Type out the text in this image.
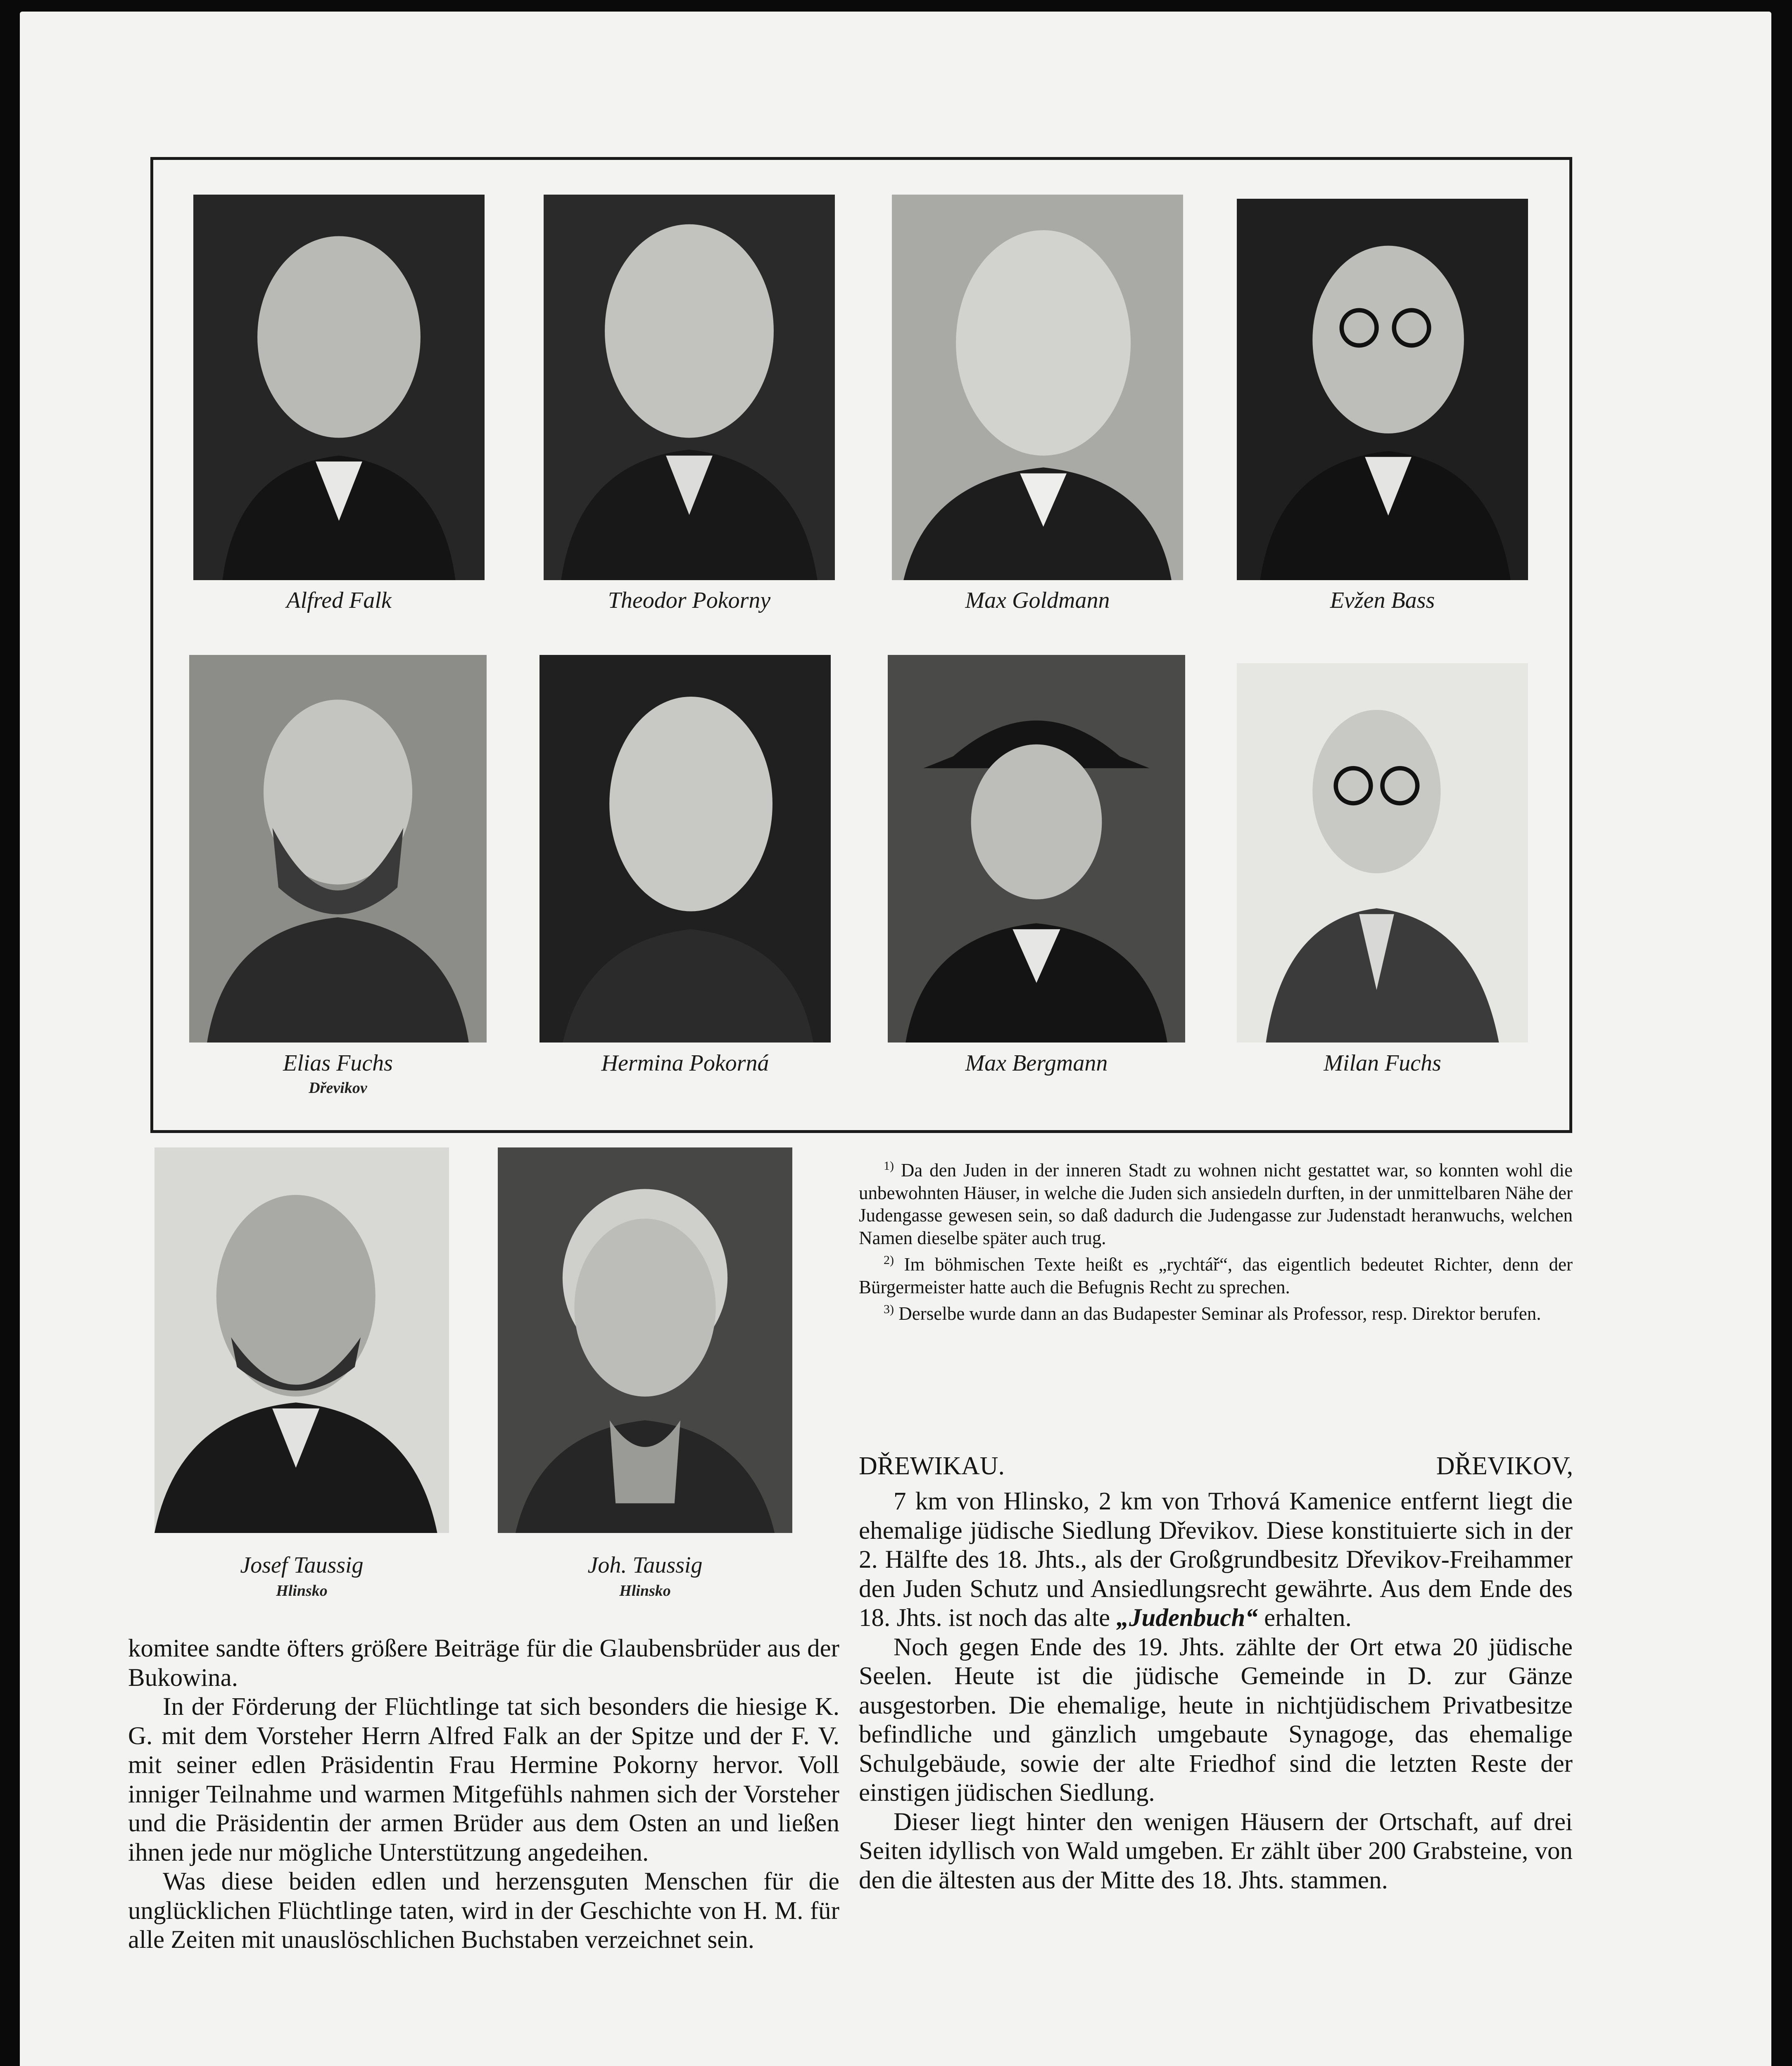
Alfred Falk	Theodor Pokorny	Max Goldmann	Evžen Bass
Elias Fuchs
Dřevikov
Hermina Pokorná	Max Bergmann	Milan Fuchs
Josef Taussig
Hlinsko
Joh. Taussig
Hlinsko

komitee sandte öfters größere Beiträge für die Glaubensbrüder aus der Bukowina.

In der Förderung der Flüchtlinge tat sich besonders die hiesige K. G. mit dem Vorsteher Herrn Alfred Falk an der Spitze und der F. V. mit seiner edlen Präsidentin Frau Hermine Pokorny hervor. Voll inniger Teilnahme und warmen Mitgefühls nahmen sich der Vorsteher und die Präsidentin der armen Brüder aus dem Osten an und ließen ihnen jede nur mögliche Unterstützung angedeihen.

Was diese beiden edlen und herzensguten Menschen für die unglücklichen Flüchtlinge taten, wird in der Geschichte von H. M. für alle Zeiten mit unauslöschlichen Buchstaben verzeichnet sein.

$^{1)}$ Da den Juden in der inneren Stadt zu wohnen nicht gestattet war, so konnten wohl die unbewohnten Häuser, in welche die Juden sich ansiedeln durften, in der unmittelbaren Nähe der Judengasse gewesen sein, so daß dadurch die Judengasse zur Judenstadt heranwuchs, welchen Namen dieselbe später auch trug.

$^{2)}$ Im böhmischen Texte heißt es „rychtář“, das eigentlich bedeutet Richter, denn der Bürgermeister hatte auch die Befugnis Recht zu sprechen.

$^{3)}$ Derselbe wurde dann an das Budapester Seminar als Professor, resp. Direktor berufen.

DŘEWIKAU.	DŘEVIKOV,

7 km von Hlinsko, 2 km von Trhová Kamenice entfernt liegt die ehemalige jüdische Siedlung Dřevikov. Diese konstituierte sich in der 2. Hälfte des 18. Jhts., als der Großgrundbesitz Dřevikov-Freihammer den Juden Schutz und Ansiedlungsrecht gewährte. Aus dem Ende des 18. Jhts. ist noch das alte „Judenbuch“ erhalten.

Noch gegen Ende des 19. Jhts. zählte der Ort etwa 20 jüdische Seelen. Heute ist die jüdische Gemeinde in D. zur Gänze ausgestorben. Die ehemalige, heute in nichtjüdischem Privatbesitze befindliche und gänzlich umgebaute Synagoge, das ehemalige Schulgebäude, sowie der alte Friedhof sind die letzten Reste der einstigen jüdischen Siedlung.

Dieser liegt hinter den wenigen Häusern der Ortschaft, auf drei Seiten idyllisch von Wald umgeben. Er zählt über 200 Grabsteine, von den die ältesten aus der Mitte des 18. Jhts. stammen.
